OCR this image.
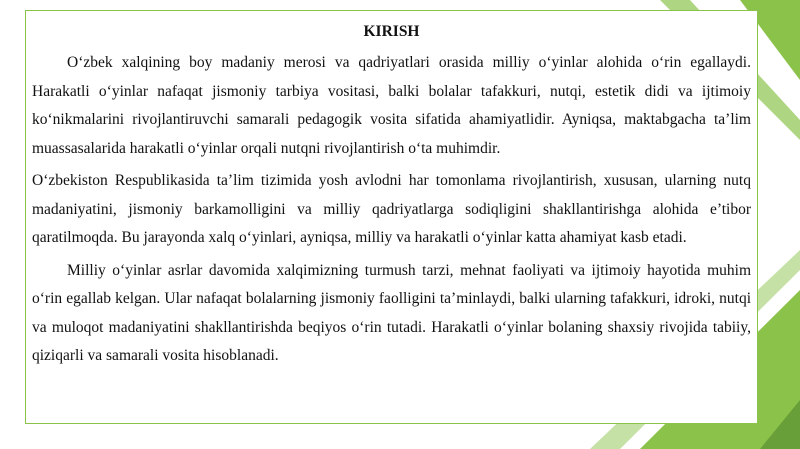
KIRISH

O‘zbek xalqining boy madaniy merosi va qadriyatlari orasida milliy o‘yinlar alohida o‘rin egallaydi. Harakatli o‘yinlar nafaqat jismoniy tarbiya vositasi, balki bolalar tafakkuri, nutqi, estetik didi va ijtimoiy ko‘nikmalarini rivojlantiruvchi samarali pedagogik vosita sifatida ahamiyatlidir. Ayniqsa, maktabgacha ta’lim muassasalarida harakatli o‘yinlar orqali nutqni rivojlantirish o‘ta muhimdir.

O‘zbekiston Respublikasida ta’lim tizimida yosh avlodni har tomonlama rivojlantirish, xususan, ularning nutq madaniyatini, jismoniy barkamolligini va milliy qadriyatlarga sodiqligini shakllantirishga alohida e’tibor qaratilmoqda. Bu jarayonda xalq o‘yinlari, ayniqsa, milliy va harakatli o‘yinlar katta ahamiyat kasb etadi.

Milliy o‘yinlar asrlar davomida xalqimizning turmush tarzi, mehnat faoliyati va ijtimoiy hayotida muhim o‘rin egallab kelgan. Ular nafaqat bolalarning jismoniy faolligini ta’minlaydi, balki ularning tafakkuri, idroki, nutqi va muloqot madaniyatini shakllantirishda beqiyos o‘rin tutadi. Harakatli o‘yinlar bolaning shaxsiy rivojida tabiiy, qiziqarli va samarali vosita hisoblanadi.
